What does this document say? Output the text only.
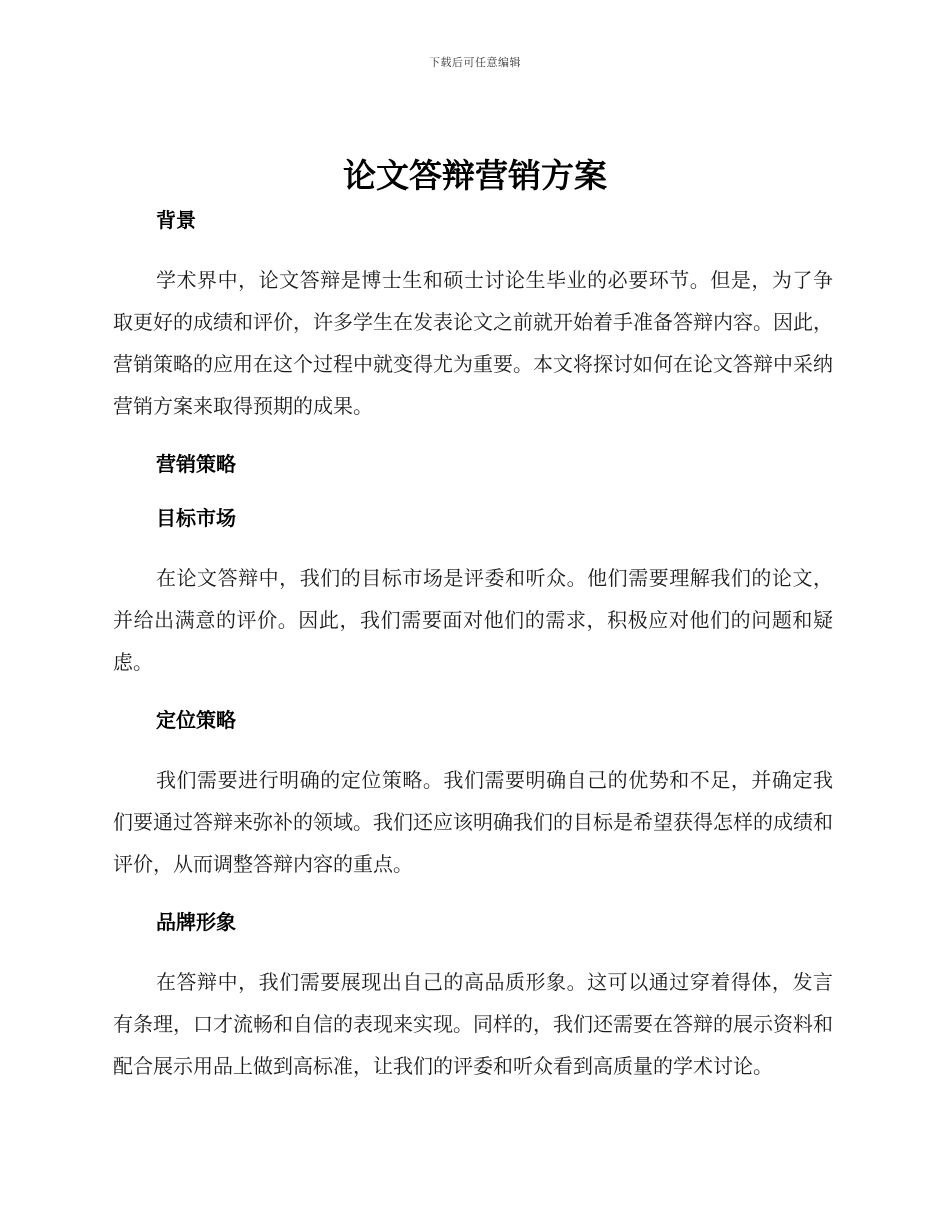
下载后可任意编辑
论文答辩营销方案
背景

学术界中，论文答辩是博士生和硕士讨论生毕业的必要环节。但是，为了争取更好的成绩和评价，许多学生在发表论文之前就开始着手准备答辩内容。因此，营销策略的应用在这个过程中就变得尤为重要。本文将探讨如何在论文答辩中采纳营销方案来取得预期的成果。

营销策略
目标市场

在论文答辩中，我们的目标市场是评委和听众。他们需要理解我们的论文，并给出满意的评价。因此，我们需要面对他们的需求，积极应对他们的问题和疑虑。

定位策略

我们需要进行明确的定位策略。我们需要明确自己的优势和不足，并确定我们要通过答辩来弥补的领域。我们还应该明确我们的目标是希望获得怎样的成绩和评价，从而调整答辩内容的重点。

品牌形象

在答辩中，我们需要展现出自己的高品质形象。这可以通过穿着得体，发言有条理，口才流畅和自信的表现来实现。同样的，我们还需要在答辩的展示资料和配合展示用品上做到高标准，让我们的评委和听众看到高质量的学术讨论。
